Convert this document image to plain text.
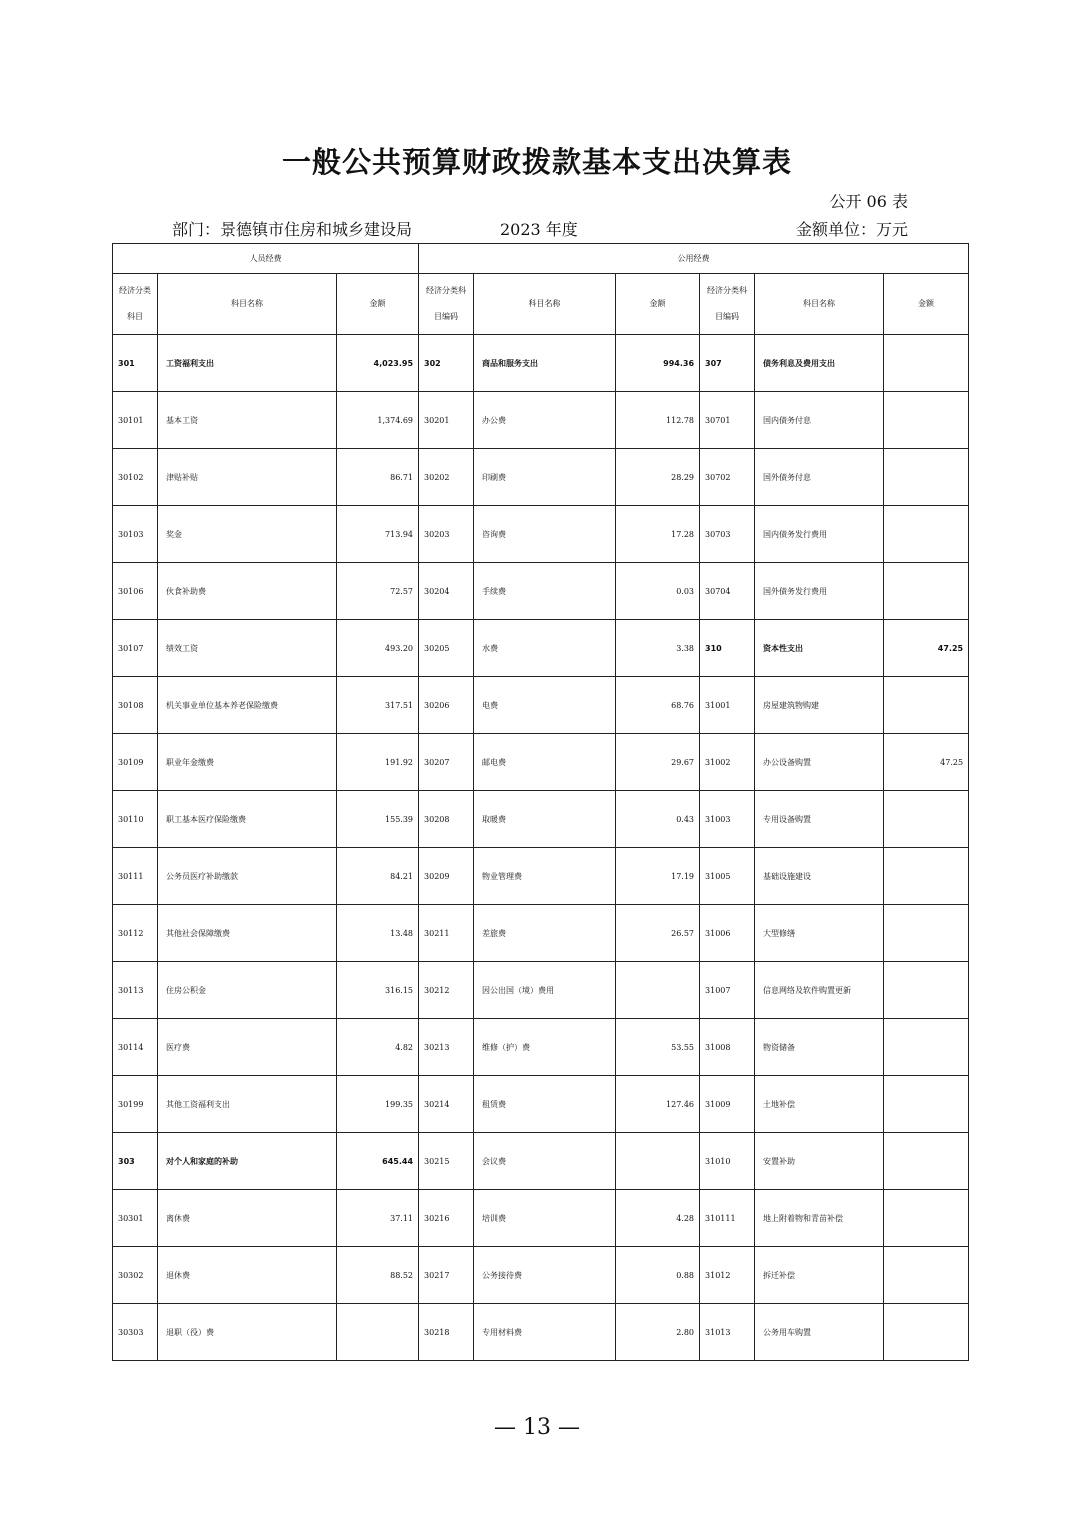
一般公共预算财政拨款基本支出决算表
公开 06 表
部门：景德镇市住房和城乡建设局	2023 年度	金额单位：万元
人员经费			公用经费					
经济分类科目	科目名称	金额	经济分类科目编码	科目名称	金额	经济分类科目编码	科目名称	金额
301	工资福利支出	4,023.95	302	商品和服务支出	994.36	307	债务利息及费用支出	
30101	基本工资	1,374.69	30201	办公费	112.78	30701	国内债务付息	
30102	津贴补贴	86.71	30202	印刷费	28.29	30702	国外债务付息	
30103	奖金	713.94	30203	咨询费	17.28	30703	国内债务发行费用	
30106	伙食补助费	72.57	30204	手续费	0.03	30704	国外债务发行费用	
30107	绩效工资	493.20	30205	水费	3.38	310	资本性支出	47.25
30108	机关事业单位基本养老保险缴费	317.51	30206	电费	68.76	31001	房屋建筑物购建	
30109	职业年金缴费	191.92	30207	邮电费	29.67	31002	办公设备购置	47.25
30110	职工基本医疗保险缴费	155.39	30208	取暖费	0.43	31003	专用设备购置	
30111	公务员医疗补助缴款	84.21	30209	物业管理费	17.19	31005	基础设施建设	
30112	其他社会保障缴费	13.48	30211	差旅费	26.57	31006	大型修缮	
30113	住房公积金	316.15	30212	因公出国（境）费用		31007	信息网络及软件购置更新	
30114	医疗费	4.82	30213	维修（护）费	53.55	31008	物资储备	
30199	其他工资福利支出	199.35	30214	租赁费	127.46	31009	土地补偿	
303	对个人和家庭的补助	645.44	30215	会议费		31010	安置补助	
30301	离休费	37.11	30216	培训费	4.28	310111	地上附着物和青苗补偿	
30302	退休费	88.52	30217	公务接待费	0.88	31012	拆迁补偿	
30303	退职（役）费		30218	专用材料费	2.80	31013	公务用车购置	
— 13 —
